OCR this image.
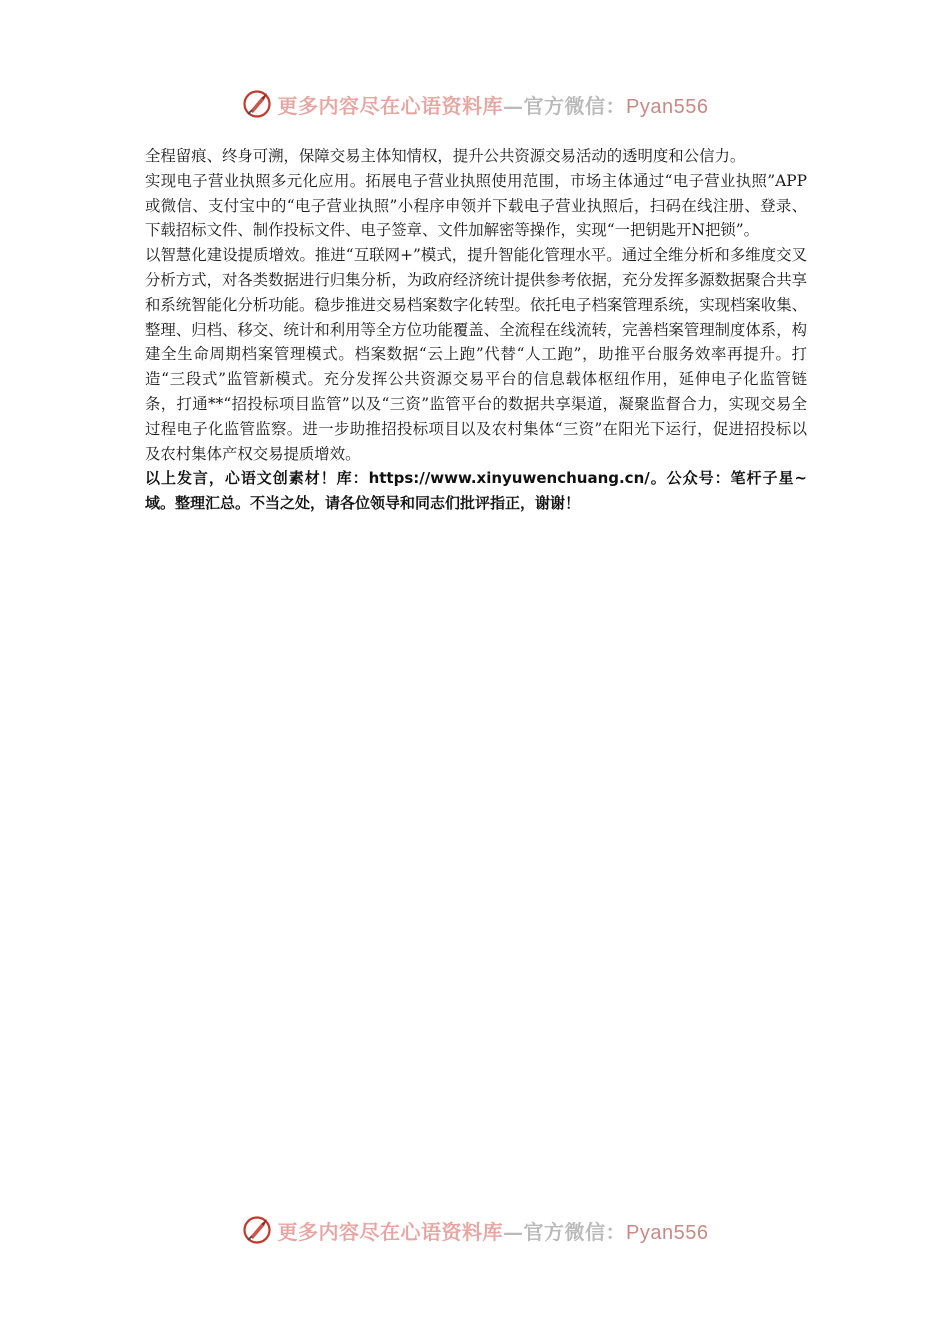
更多内容尽在心语资料库—官方微信：Pyan556

全程留痕、终身可溯，保障交易主体知情权，提升公共资源交易活动的透明度和公信力。

实现电子营业执照多元化应用。拓展电子营业执照使用范围，市场主体通过“电子营业执照”APP或微信、支付宝中的“电子营业执照”小程序申领并下载电子营业执照后，扫码在线注册、登录、下载招标文件、制作投标文件、电子签章、文件加解密等操作，实现“一把钥匙开N把锁”。

以智慧化建设提质增效。推进“互联网+”模式，提升智能化管理水平。通过全维分析和多维度交叉分析方式，对各类数据进行归集分析，为政府经济统计提供参考依据，充分发挥多源数据聚合共享和系统智能化分析功能。稳步推进交易档案数字化转型。依托电子档案管理系统，实现档案收集、整理、归档、移交、统计和利用等全方位功能覆盖、全流程在线流转，完善档案管理制度体系，构建全生命周期档案管理模式。档案数据“云上跑”代替“人工跑”，助推平台服务效率再提升。打造“三段式”监管新模式。充分发挥公共资源交易平台的信息载体枢纽作用，延伸电子化监管链条，打通**“招投标项目监管”以及“三资”监管平台的数据共享渠道，凝聚监督合力，实现交易全过程电子化监管监察。进一步助推招投标项目以及农村集体“三资”在阳光下运行，促进招投标以及农村集体产权交易提质增效。

以上发言，心语文创素材！库：https://www.xinyuwenchuang.cn/。公众号：笔杆子星~域。整理汇总。不当之处，请各位领导和同志们批评指正，谢谢！

更多内容尽在心语资料库—官方微信：Pyan556
